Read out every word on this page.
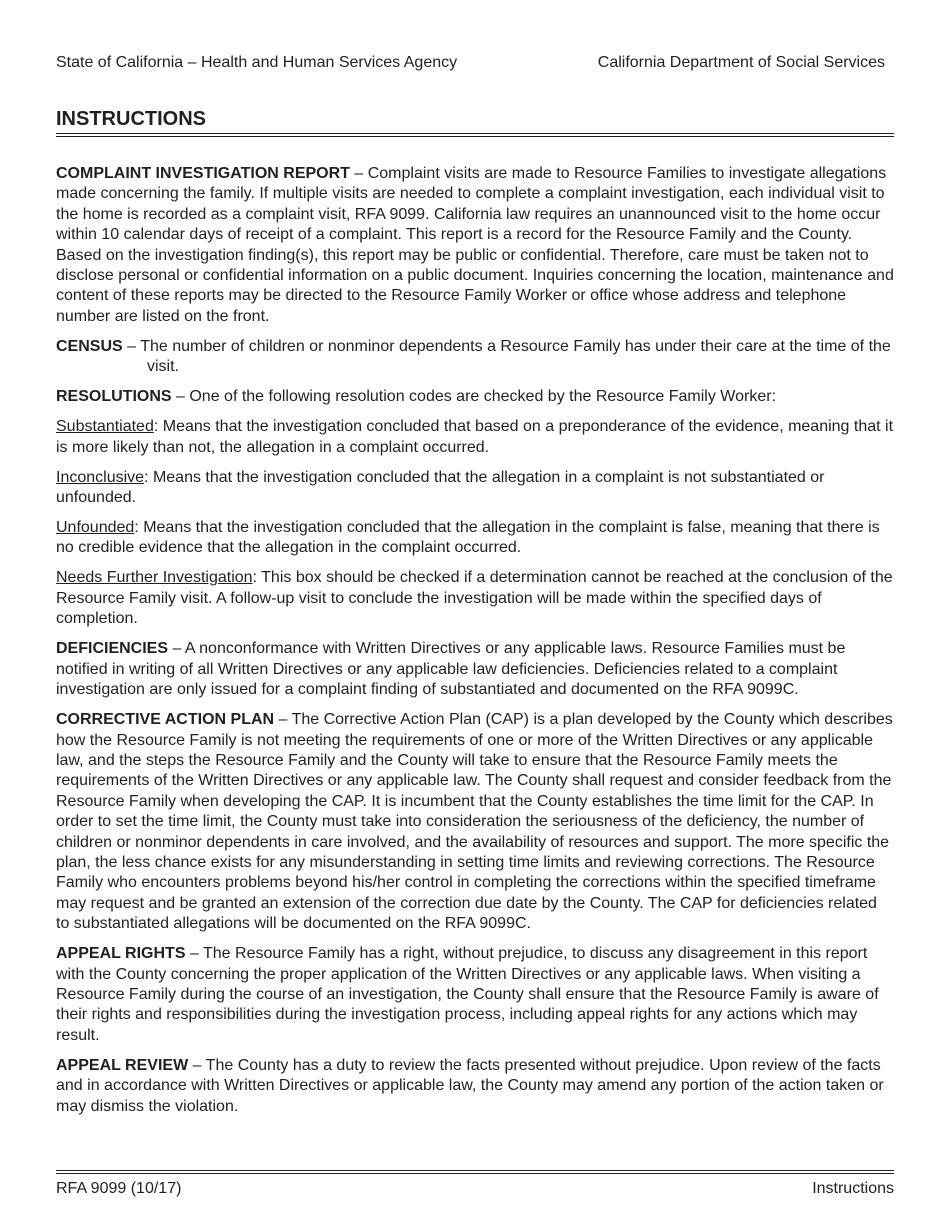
State of California – Health and Human Services Agency	California Department of Social Services
INSTRUCTIONS

COMPLAINT INVESTIGATION REPORT – Complaint visits are made to Resource Families to investigate allegations made concerning the family. If multiple visits are needed to complete a complaint investigation, each individual visit to the home is recorded as a complaint visit, RFA 9099. California law requires an unannounced visit to the home occur within 10 calendar days of receipt of a complaint. This report is a record for the Resource Family and the County. Based on the investigation finding(s), this report may be public or confidential. Therefore, care must be taken not to disclose personal or confidential information on a public document. Inquiries concerning the location, maintenance and content of these reports may be directed to the Resource Family Worker or office whose address and telephone number are listed on the front.

CENSUS – The number of children or nonminor dependents a Resource Family has under their care at the time of the visit.

RESOLUTIONS – One of the following resolution codes are checked by the Resource Family Worker:

Substantiated: Means that the investigation concluded that based on a preponderance of the evidence, meaning that it is more likely than not, the allegation in a complaint occurred.

Inconclusive: Means that the investigation concluded that the allegation in a complaint is not substantiated or unfounded.

Unfounded: Means that the investigation concluded that the allegation in the complaint is false, meaning that there is no credible evidence that the allegation in the complaint occurred.

Needs Further Investigation: This box should be checked if a determination cannot be reached at the conclusion of the Resource Family visit. A follow-up visit to conclude the investigation will be made within the specified days of completion.

DEFICIENCIES – A nonconformance with Written Directives or any applicable laws. Resource Families must be notified in writing of all Written Directives or any applicable law deficiencies. Deficiencies related to a complaint investigation are only issued for a complaint finding of substantiated and documented on the RFA 9099C.

CORRECTIVE ACTION PLAN – The Corrective Action Plan (CAP) is a plan developed by the County which describes how the Resource Family is not meeting the requirements of one or more of the Written Directives or any applicable law, and the steps the Resource Family and the County will take to ensure that the Resource Family meets the requirements of the Written Directives or any applicable law. The County shall request and consider feedback from the Resource Family when developing the CAP. It is incumbent that the County establishes the time limit for the CAP. In order to set the time limit, the County must take into consideration the seriousness of the deficiency, the number of children or nonminor dependents in care involved, and the availability of resources and support. The more specific the plan, the less chance exists for any misunderstanding in setting time limits and reviewing corrections. The Resource Family who encounters problems beyond his/her control in completing the corrections within the specified timeframe may request and be granted an extension of the correction due date by the County. The CAP for deficiencies related to substantiated allegations will be documented on the RFA 9099C.

APPEAL RIGHTS – The Resource Family has a right, without prejudice, to discuss any disagreement in this report with the County concerning the proper application of the Written Directives or any applicable laws. When visiting a Resource Family during the course of an investigation, the County shall ensure that the Resource Family is aware of their rights and responsibilities during the investigation process, including appeal rights for any actions which may result.

APPEAL REVIEW – The County has a duty to review the facts presented without prejudice. Upon review of the facts and in accordance with Written Directives or applicable law, the County may amend any portion of the action taken or may dismiss the violation.

RFA 9099 (10/17)	Instructions
